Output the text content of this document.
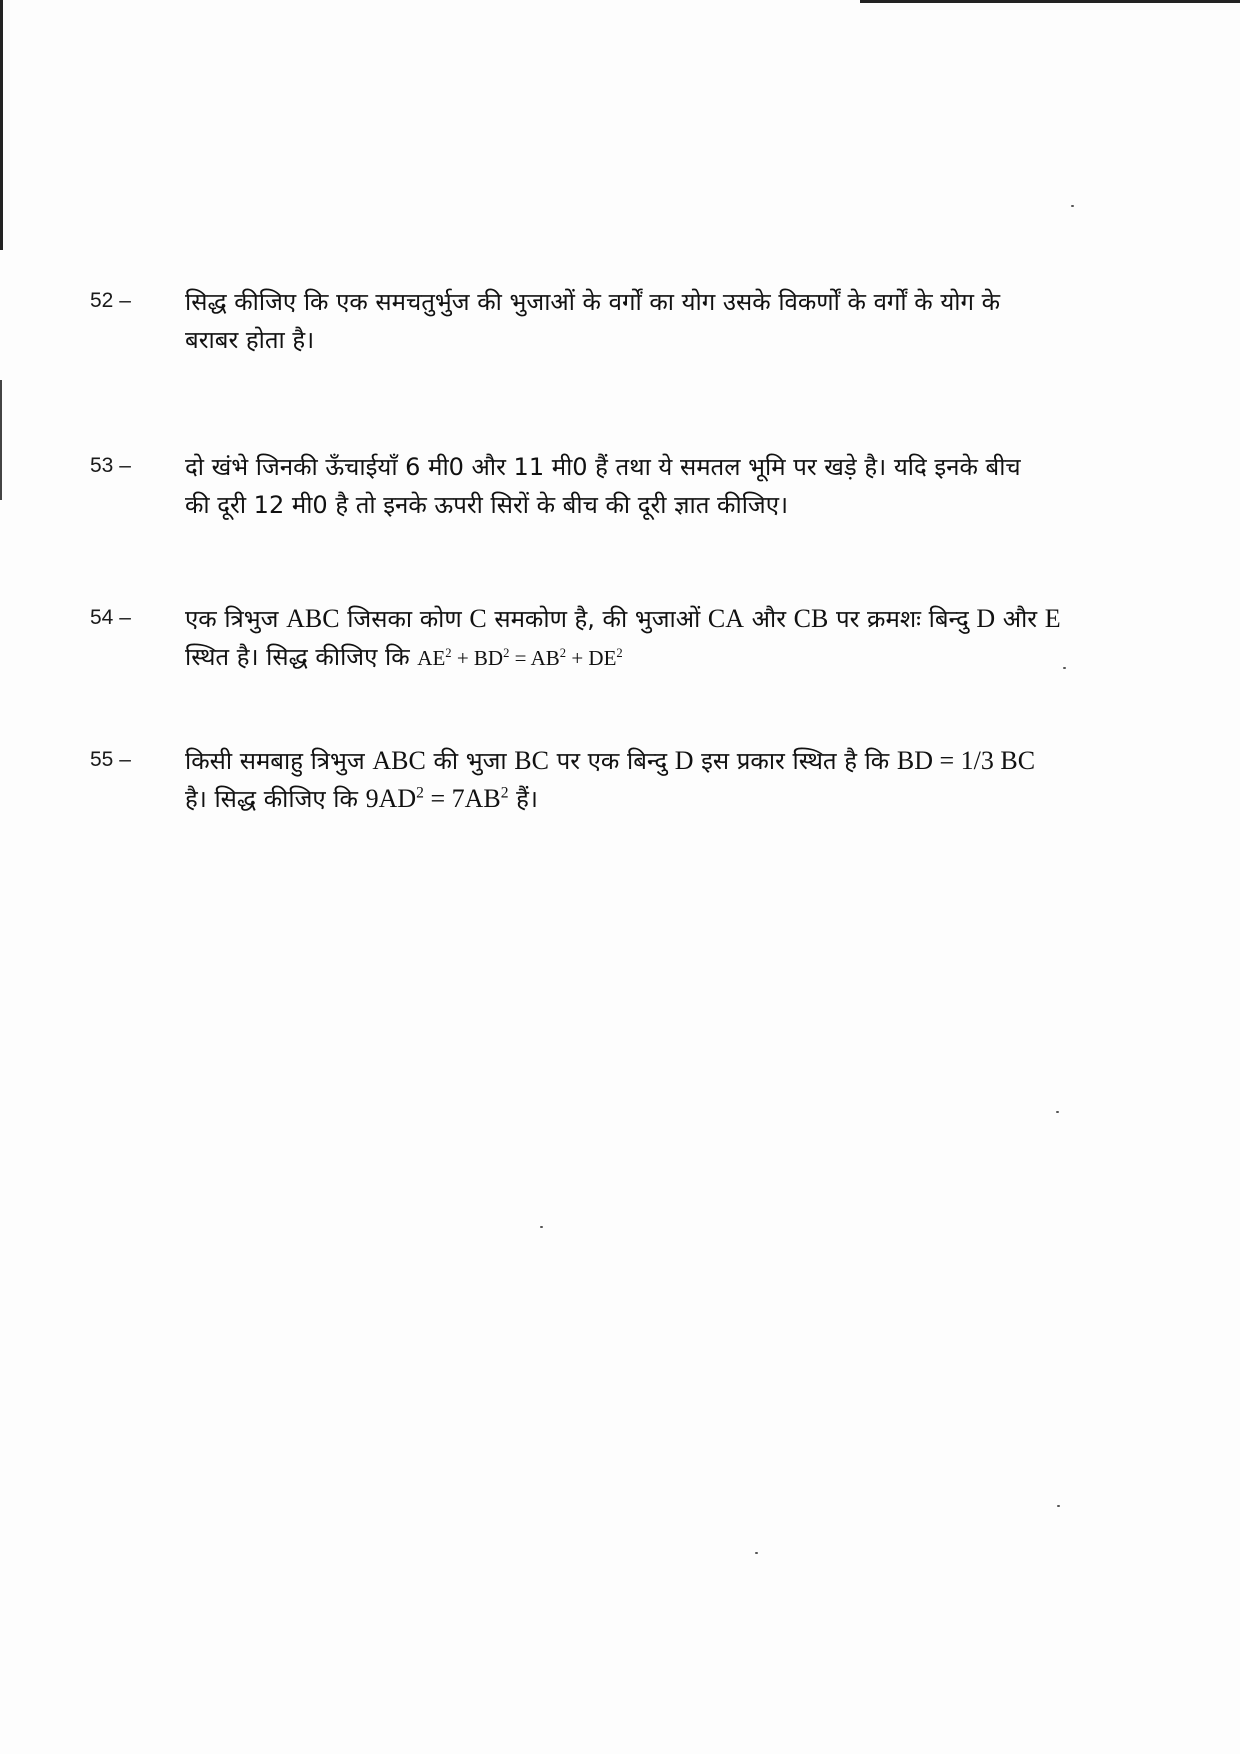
52 – सिद्ध कीजिए कि एक समचतुर्भुज की भुजाओं के वर्गों का योग उसके विकर्णों के वर्गों के योग के
बराबर होता है।
53 – दो खंभे जिनकी ऊँचाईयाँ 6 मी0 और 11 मी0 हैं तथा ये समतल भूमि पर खड़े है। यदि इनके बीच
की दूरी 12 मी0 है तो इनके ऊपरी सिरों के बीच की दूरी ज्ञात कीजिए।
54 – एक त्रिभुज ABC जिसका कोण C समकोण है, की भुजाओं CA और CB पर क्रमशः बिन्दु D और E
स्थित है। सिद्ध कीजिए कि $AE^2 + BD^2 = AB^2 + DE^2$
55 – किसी समबाहु त्रिभुज ABC की भुजा BC पर एक बिन्दु D इस प्रकार स्थित है कि BD = 1/3 BC
है। सिद्ध कीजिए कि $9AD^2 = 7AB^2$ हैं।
